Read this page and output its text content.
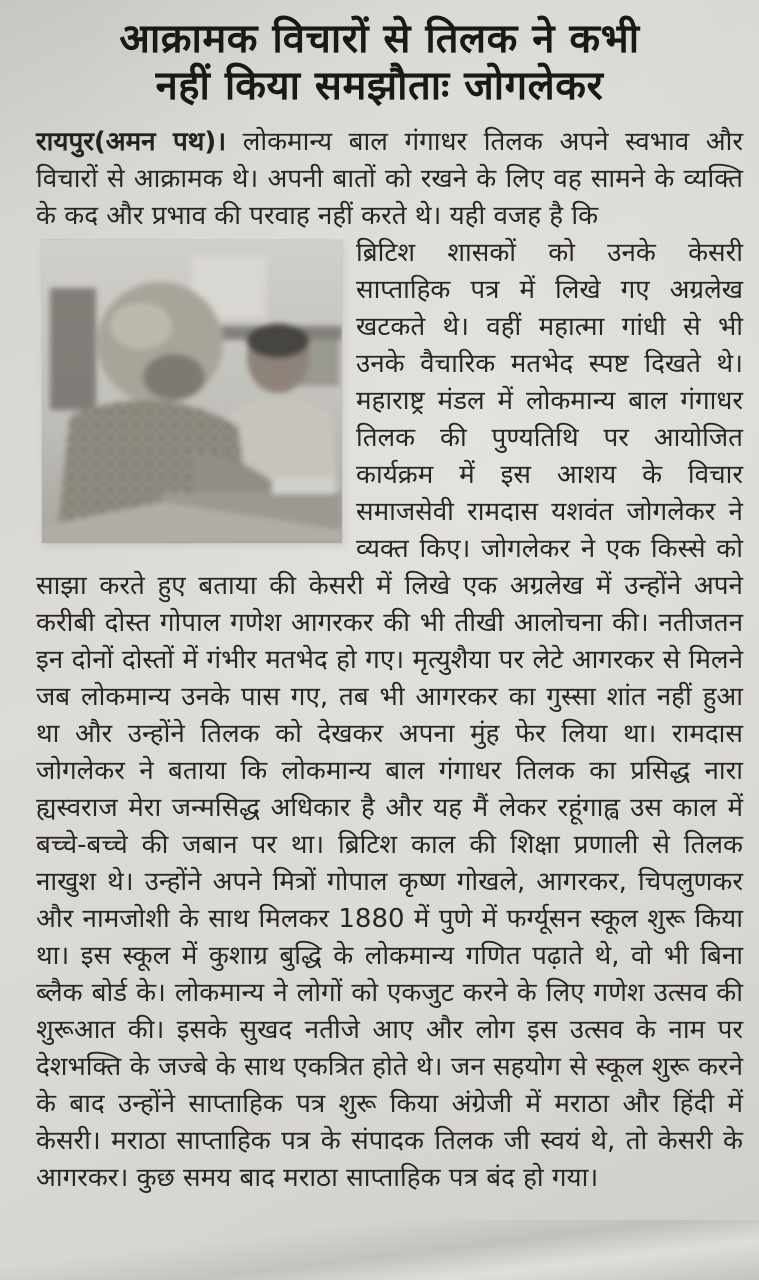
आक्रामक विचारों से तिलक ने कभी
नहीं किया समझौताः जोगलेकर

रायपुर(अमन पथ)। लोकमान्य बाल गंगाधर तिलक अपने स्वभाव और विचारों से आक्रामक थे। अपनी बातों को रखने के लिए वह सामने के व्यक्ति के कद और प्रभाव की परवाह नहीं करते थे। यही वजह है कि

ब्रिटिश शासकों को उनके केसरी साप्ताहिक पत्र में लिखे गए अग्रलेख खटकते थे। वहीं महात्मा गांधी से भी उनके वैचारिक मतभेद स्पष्ट दिखते थे। महाराष्ट्र मंडल में लोकमान्य बाल गंगाधर तिलक की पुण्यतिथि पर आयोजित कार्यक्रम में इस आशय के विचार समाजसेवी रामदास यशवंत जोगलेकर ने व्यक्त किए। जोगलेकर ने एक किस्से को साझा करते हुए बताया की केसरी में लिखे एक अग्रलेख में उन्होंने अपने करीबी दोस्त गोपाल गणेश आगरकर की भी तीखी आलोचना की। नतीजतन इन दोनों दोस्तों में गंभीर मतभेद हो गए। मृत्युशैया पर लेटे आगरकर से मिलने जब लोकमान्य उनके पास गए, तब भी आगरकर का गुस्सा शांत नहीं हुआ था और उन्होंने तिलक को देखकर अपना मुंह फेर लिया था। रामदास जोगलेकर ने बताया कि लोकमान्य बाल गंगाधर तिलक का प्रसिद्ध नारा ह्यस्वराज मेरा जन्मसिद्ध अधिकार है और यह मैं लेकर रहूंगाह्व उस काल में बच्चे-बच्चे की जबान पर था। ब्रिटिश काल की शिक्षा प्रणाली से तिलक नाखुश थे। उन्होंने अपने मित्रों गोपाल कृष्ण गोखले, आगरकर, चिपलुणकर और नामजोशी के साथ मिलकर 1880 में पुणे में फर्ग्यूसन स्कूल शुरू किया था। इस स्कूल में कुशाग्र बुद्धि के लोकमान्य गणित पढ़ाते थे, वो भी बिना ब्लैक बोर्ड के। लोकमान्य ने लोगों को एकजुट करने के लिए गणेश उत्सव की शुरूआत की। इसके सुखद नतीजे आए और लोग इस उत्सव के नाम पर देशभक्ति के जज्बे के साथ एकत्रित होते थे। जन सहयोग से स्कूल शुरू करने के बाद उन्होंने साप्ताहिक पत्र शुरू किया अंग्रेजी में मराठा और हिंदी में केसरी। मराठा साप्ताहिक पत्र के संपादक तिलक जी स्वयं थे, तो केसरी के आगरकर। कुछ समय बाद मराठा साप्ताहिक पत्र बंद हो गया।
